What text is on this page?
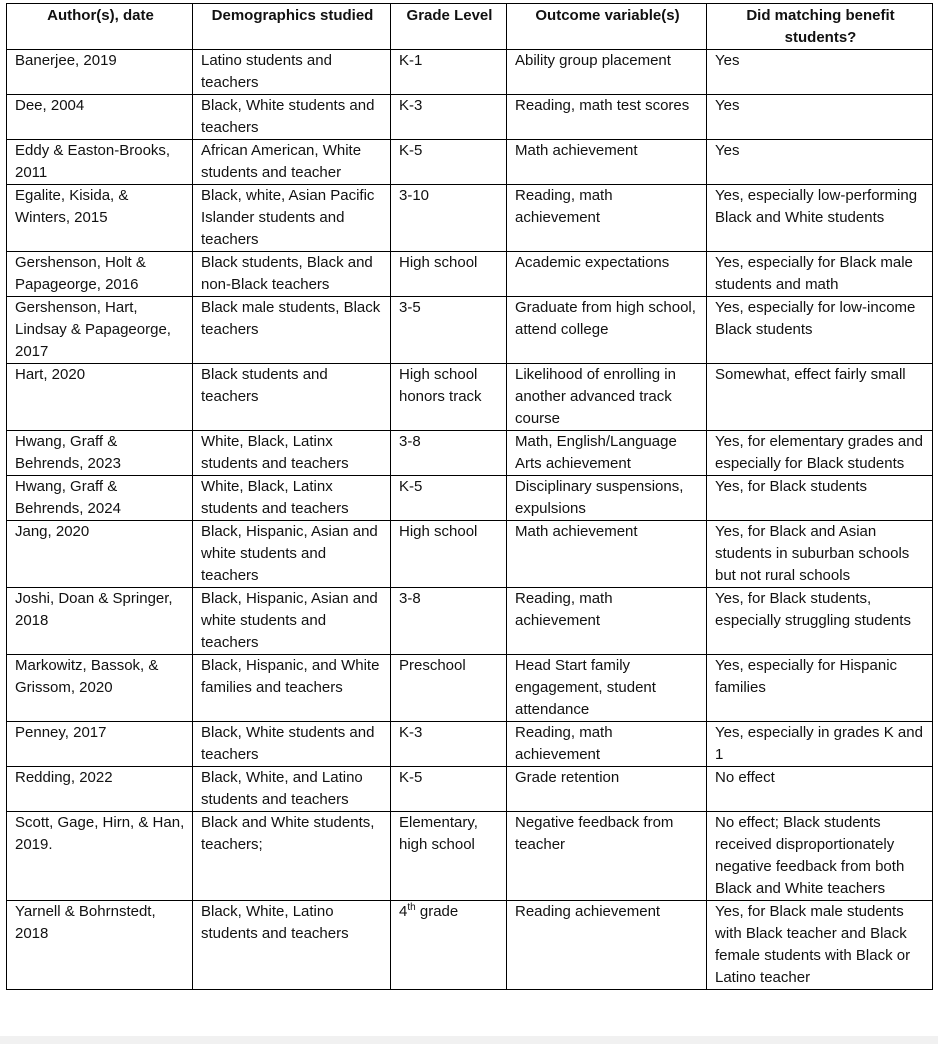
Author(s), date	Demographics studied	Grade Level	Outcome variable(s)	Did matching benefit students?
Banerjee, 2019	Latino students and teachers	K-1	Ability group placement	Yes
Dee, 2004	Black, White students and teachers	K-3	Reading, math test scores	Yes
Eddy & Easton-Brooks, 2011	African American, White students and teacher	K-5	Math achievement	Yes
Egalite, Kisida, & Winters, 2015	Black, white, Asian Pacific Islander students and teachers	3-10	Reading, math achievement	Yes, especially low-performing Black and White students
Gershenson, Holt & Papageorge, 2016	Black students, Black and non-Black teachers	High school	Academic expectations	Yes, especially for Black male students and math
Gershenson, Hart, Lindsay & Papageorge, 2017	Black male students, Black teachers	3-5	Graduate from high school, attend college	Yes, especially for low-income Black students
Hart, 2020	Black students and teachers	High school honors track	Likelihood of enrolling in another advanced track course	Somewhat, effect fairly small
Hwang, Graff & Behrends, 2023	White, Black, Latinx students and teachers	3-8	Math, English/Language Arts achievement	Yes, for elementary grades and especially for Black students
Hwang, Graff & Behrends, 2024	White, Black, Latinx students and teachers	K-5	Disciplinary suspensions, expulsions	Yes, for Black students
Jang, 2020	Black, Hispanic, Asian and white students and teachers	High school	Math achievement	Yes, for Black and Asian students in suburban schools but not rural schools
Joshi, Doan & Springer, 2018	Black, Hispanic, Asian and white students and teachers	3-8	Reading, math achievement	Yes, for Black students, especially struggling students
Markowitz, Bassok, & Grissom, 2020	Black, Hispanic, and White families and teachers	Preschool	Head Start family engagement, student attendance	Yes, especially for Hispanic families
Penney, 2017	Black, White students and teachers	K-3	Reading, math achievement	Yes, especially in grades K and 1
Redding, 2022	Black, White, and Latino students and teachers	K-5	Grade retention	No effect
Scott, Gage, Hirn, & Han, 2019.	Black and White students, teachers;	Elementary, high school	Negative feedback from teacher	No effect; Black students received disproportionately negative feedback from both Black and White teachers
Yarnell & Bohrnstedt, 2018	Black, White, Latino students and teachers	4th grade	Reading achievement	Yes, for Black male students with Black teacher and Black female students with Black or Latino teacher
